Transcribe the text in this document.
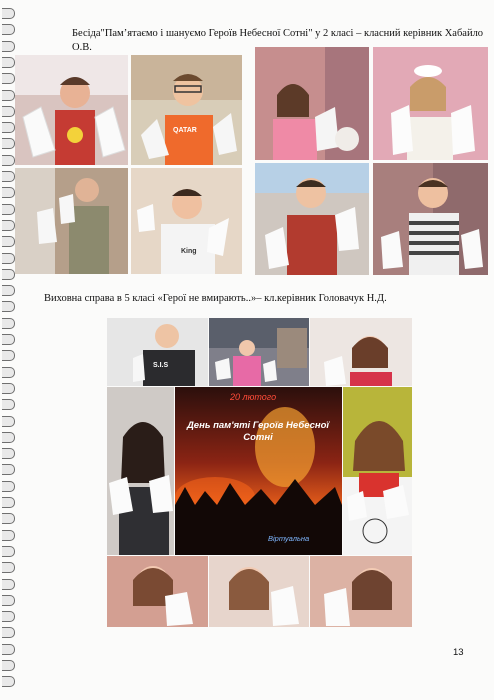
Бесіда"Пам’ятаємо і шануємо Героїв Небесної Сотні" у 2 класі – класний керівник Хабайло О.В.
QATAR
King
Виховна справа в 5 класі «Герої не вмирають..»– кл.керівник Головачук Н.Д.
S.I.S
20 лютого
День пам'яті Героїв Небесної Сотні
Віртуальна
13
